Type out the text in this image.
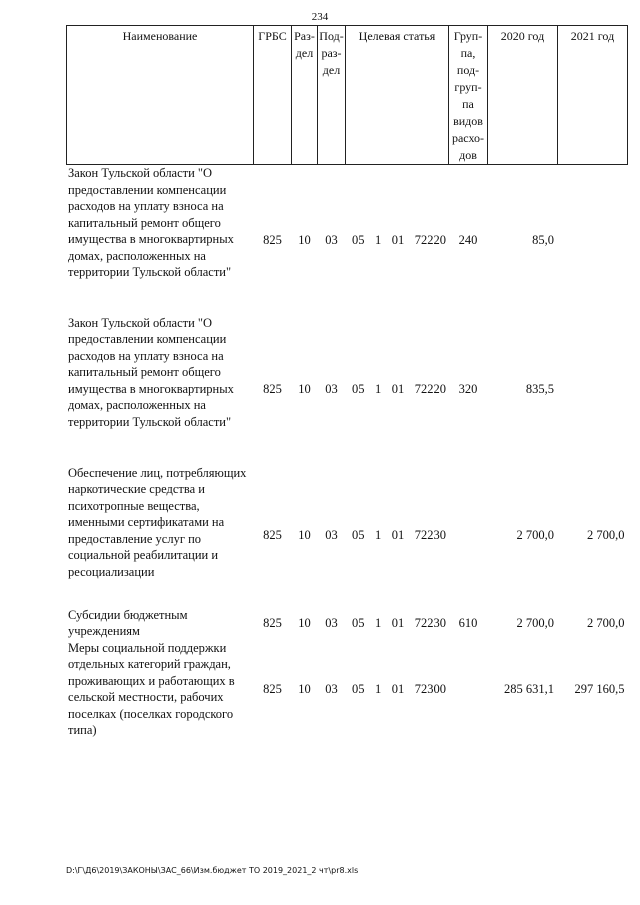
234
Наименование	ГРБС	Раз-дел	Под-раз-дел	Целевая статья	Груп-па, под-груп-па видов расхо-дов	2020 год	2021 год
Закон Тульской области "О предоставлении компенсации расходов на уплату взноса на капитальный ремонт общего имущества в многоквартирных домах, расположенных на территории Тульской области"	825	10	03	05 1 01 72220	240	85,0	
Закон Тульской области "О предоставлении компенсации расходов на уплату взноса на капитальный ремонт общего имущества в многоквартирных домах, расположенных на территории Тульской области"	825	10	03	05 1 01 72220	320	835,5	
Обеспечение лиц, потребляющих наркотические средства и психотропные вещества, именными сертификатами на предоставление услуг по социальной реабилитации и ресоциализации	825	10	03	05 1 01 72230		2 700,0	2 700,0
Субсидии бюджетным учреждениям	825	10	03	05 1 01 72230	610	2 700,0	2 700,0
Меры социальной поддержки отдельных категорий граждан, проживающих и работающих в сельской местности, рабочих поселках (поселках городского типа)	825	10	03	05 1 01 72300		285 631,1	297 160,5
D:\Г\Д6\2019\ЗАКОНЫ\ЗАС_66\Изм.бюджет ТО 2019_2021_2 чт\pr8.xls
